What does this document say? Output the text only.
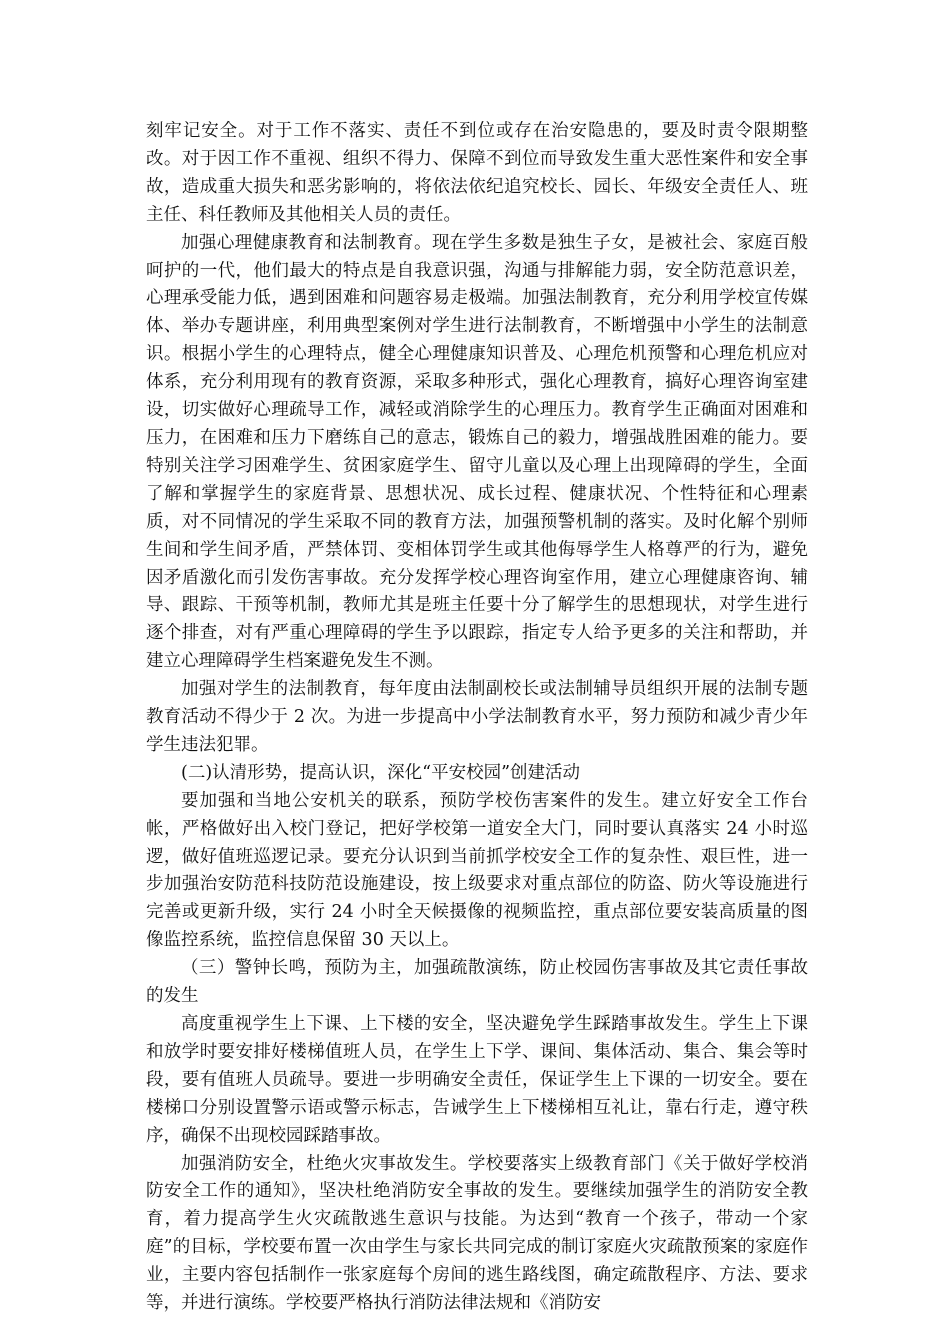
刻牢记安全。对于工作不落实、责任不到位或存在治安隐患的，要及时责令限期整改。对于因工作不重视、组织不得力、保障不到位而导致发生重大恶性案件和安全事故，造成重大损失和恶劣影响的，将依法依纪追究校长、园长、年级安全责任人、班主任、科任教师及其他相关人员的责任。

加强心理健康教育和法制教育。现在学生多数是独生子女，是被社会、家庭百般呵护的一代，他们最大的特点是自我意识强，沟通与排解能力弱，安全防范意识差，心理承受能力低，遇到困难和问题容易走极端。加强法制教育，充分利用学校宣传媒体、举办专题讲座，利用典型案例对学生进行法制教育，不断增强中小学生的法制意识。根据小学生的心理特点，健全心理健康知识普及、心理危机预警和心理危机应对体系，充分利用现有的教育资源，采取多种形式，强化心理教育，搞好心理咨询室建设，切实做好心理疏导工作，减轻或消除学生的心理压力。教育学生正确面对困难和压力，在困难和压力下磨练自己的意志，锻炼自己的毅力，增强战胜困难的能力。要特别关注学习困难学生、贫困家庭学生、留守儿童以及心理上出现障碍的学生，全面了解和掌握学生的家庭背景、思想状况、成长过程、健康状况、个性特征和心理素质，对不同情况的学生采取不同的教育方法，加强预警机制的落实。及时化解个别师生间和学生间矛盾，严禁体罚、变相体罚学生或其他侮辱学生人格尊严的行为，避免因矛盾激化而引发伤害事故。充分发挥学校心理咨询室作用，建立心理健康咨询、辅导、跟踪、干预等机制，教师尤其是班主任要十分了解学生的思想现状，对学生进行逐个排查，对有严重心理障碍的学生予以跟踪，指定专人给予更多的关注和帮助，并建立心理障碍学生档案避免发生不测。

加强对学生的法制教育，每年度由法制副校长或法制辅导员组织开展的法制专题教育活动不得少于 2 次。为进一步提高中小学法制教育水平，努力预防和减少青少年学生违法犯罪。

(二)认清形势，提高认识，深化“平安校园”创建活动

要加强和当地公安机关的联系，预防学校伤害案件的发生。建立好安全工作台帐，严格做好出入校门登记，把好学校第一道安全大门，同时要认真落实 24 小时巡逻，做好值班巡逻记录。要充分认识到当前抓学校安全工作的复杂性、艰巨性，进一步加强治安防范科技防范设施建设，按上级要求对重点部位的防盗、防火等设施进行完善或更新升级，实行 24 小时全天候摄像的视频监控，重点部位要安装高质量的图像监控系统，监控信息保留 30 天以上。

（三）警钟长鸣，预防为主，加强疏散演练，防止校园伤害事故及其它责任事故的发生

高度重视学生上下课、上下楼的安全，坚决避免学生踩踏事故发生。学生上下课和放学时要安排好楼梯值班人员，在学生上下学、课间、集体活动、集合、集会等时段，要有值班人员疏导。要进一步明确安全责任，保证学生上下课的一切安全。要在楼梯口分别设置警示语或警示标志，告诫学生上下楼梯相互礼让，靠右行走，遵守秩序，确保不出现校园踩踏事故。

加强消防安全，杜绝火灾事故发生。学校要落实上级教育部门《关于做好学校消防安全工作的通知》，坚决杜绝消防安全事故的发生。要继续加强学生的消防安全教育，着力提高学生火灾疏散逃生意识与技能。为达到“教育一个孩子，带动一个家庭”的目标，学校要布置一次由学生与家长共同完成的制订家庭火灾疏散预案的家庭作业，主要内容包括制作一张家庭每个房间的逃生路线图，确定疏散程序、方法、要求等，并进行演练。学校要严格执行消防法律法规和《消防安
